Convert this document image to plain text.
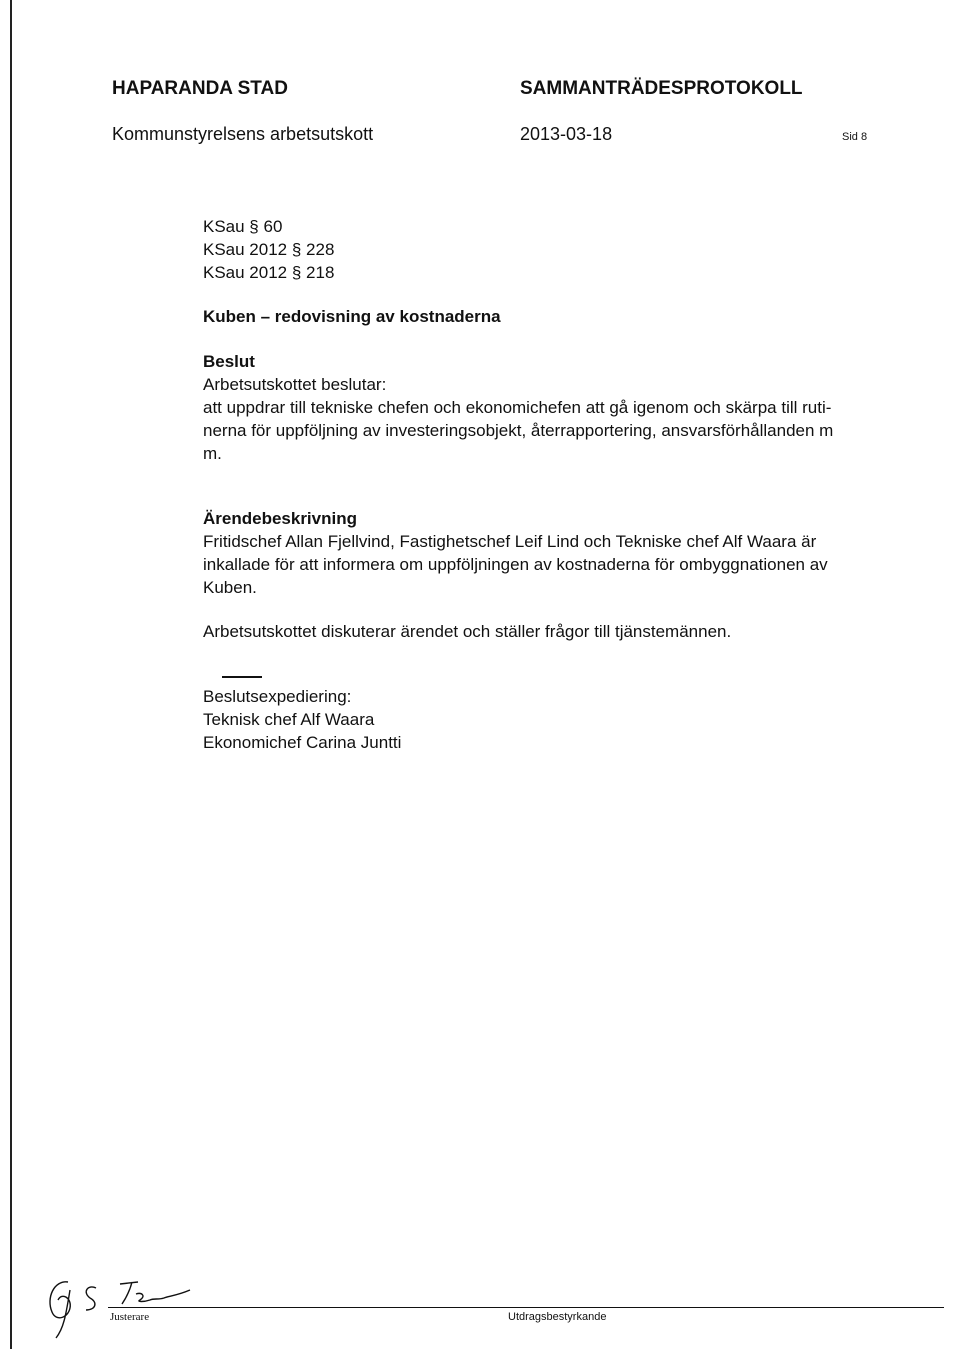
HAPARANDA STAD	SAMMANTRÄDESPROTOKOLL
Kommunstyrelsens arbetsutskott	2013-03-18	Sid 8
KSau § 60
KSau 2012 § 228
KSau 2012 § 218
Kuben – redovisning av kostnaderna
Beslut
Arbetsutskottet beslutar:
att uppdrar till tekniske chefen och ekonomichefen att gå igenom och skärpa till ruti-
nerna för uppföljning av investeringsobjekt, återrapportering, ansvarsförhållanden m
m.
Ärendebeskrivning
Fritidschef Allan Fjellvind, Fastighetschef Leif Lind och Tekniske chef Alf Waara är
inkallade för att informera om uppföljningen av kostnaderna för ombyggnationen av
Kuben.
Arbetsutskottet diskuterar ärendet och ställer frågor till tjänstemännen.
Beslutsexpediering:
Teknisk chef Alf Waara
Ekonomichef Carina Juntti
Justerare	Utdragsbestyrkande
